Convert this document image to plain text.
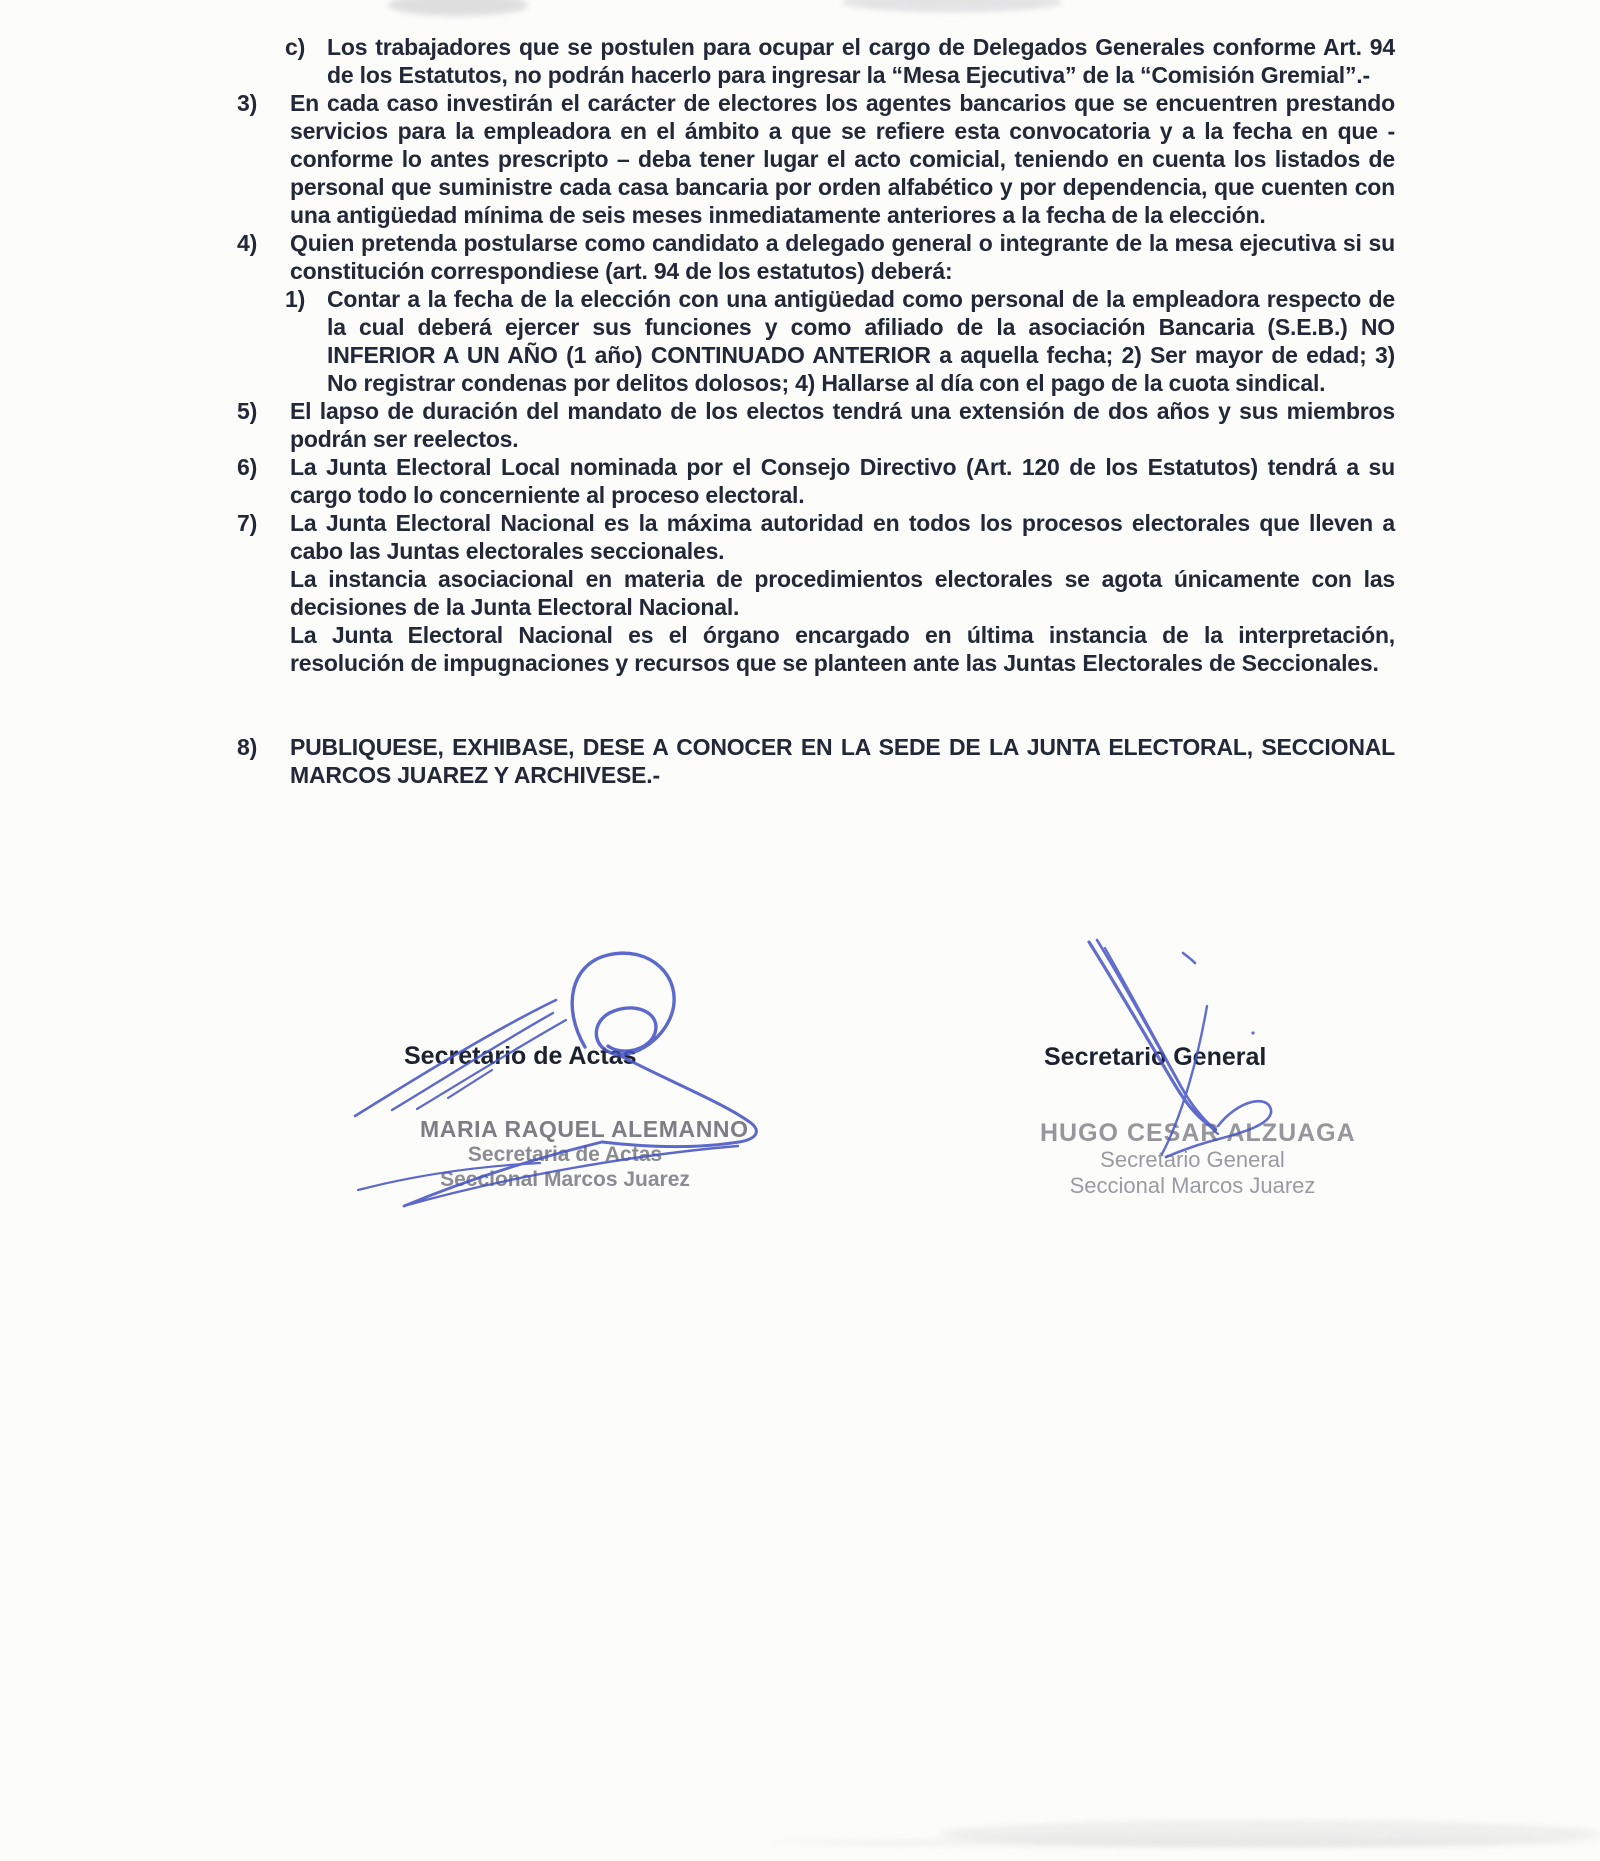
c) Los trabajadores que se postulen para ocupar el cargo de Delegados Generales conforme Art. 94 de los Estatutos, no podrán hacerlo para ingresar la “Mesa Ejecutiva” de la “Comisión Gremial”.-
3)	En cada caso investirán el carácter de electores los agentes bancarios que se encuentren prestando servicios para la empleadora en el ámbito a que se refiere esta convocatoria y a la fecha en que - conforme lo antes prescripto – deba tener lugar el acto comicial, teniendo en cuenta los listados de personal que suministre cada casa bancaria por orden alfabético y por dependencia, que cuenten con una antigüedad mínima de seis meses inmediatamente anteriores a la fecha de la elección.
4)	Quien pretenda postularse como candidato a delegado general o integrante de la mesa ejecutiva si su constitución correspondiese (art. 94 de los estatutos) deberá:
1) Contar a la fecha de la elección con una antigüedad como personal de la empleadora respecto de la cual deberá ejercer sus funciones y como afiliado de la asociación Bancaria (S.E.B.) NO INFERIOR A UN AÑO (1 año) CONTINUADO ANTERIOR a aquella fecha; 2) Ser mayor de edad; 3) No registrar condenas por delitos dolosos; 4) Hallarse al día con el pago de la cuota sindical.
5)	El lapso de duración del mandato de los electos tendrá una extensión de dos años y sus miembros podrán ser reelectos.
6)	La Junta Electoral Local nominada por el Consejo Directivo (Art. 120 de los Estatutos) tendrá a su cargo todo lo concerniente al proceso electoral.
7)	La Junta Electoral Nacional es la máxima autoridad en todos los procesos electorales que lleven a cabo las Juntas electorales seccionales.

La instancia asociacional en materia de procedimientos electorales se agota únicamente con las decisiones de la Junta Electoral Nacional.

La Junta Electoral Nacional es el órgano encargado en última instancia de la interpretación, resolución de impugnaciones y recursos que se planteen ante las Juntas Electorales de Seccionales.

8)	PUBLIQUESE, EXHIBASE, DESE A CONOCER EN LA SEDE DE LA JUNTA ELECTORAL, SECCIONAL MARCOS JUAREZ Y ARCHIVESE.-
Secretario de Actas	Secretario General
MARIA RAQUEL ALEMANNO
Secretaria de Actas
Seccional Marcos Juarez
HUGO CESAR ALZUAGA
Secretario General
Seccional Marcos Juarez
